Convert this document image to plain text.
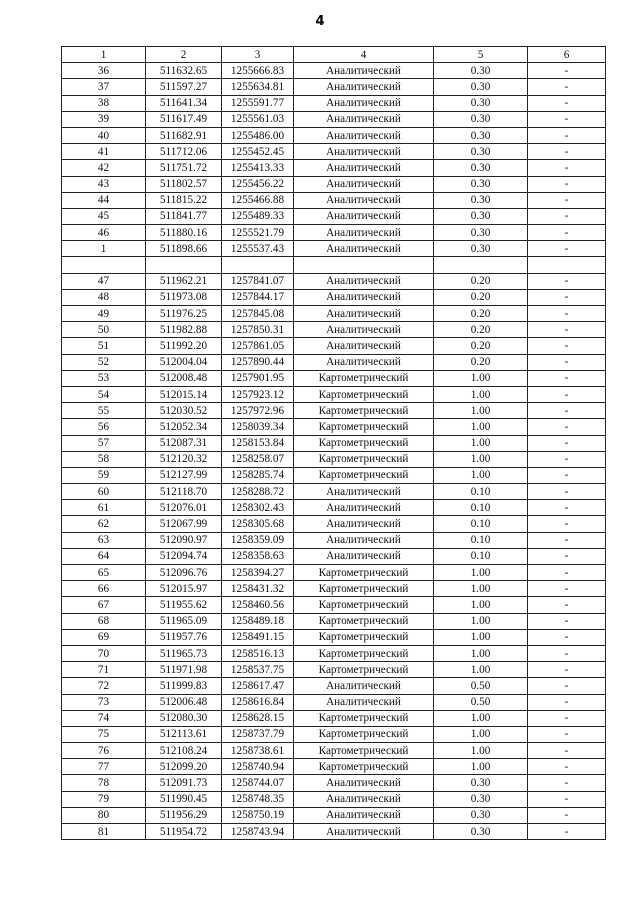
4
1	2	3	4	5	6
36	511632.65	1255666.83	Аналитический	0.30	-
37	511597.27	1255634.81	Аналитический	0.30	-
38	511641.34	1255591.77	Аналитический	0.30	-
39	511617.49	1255561.03	Аналитический	0.30	-
40	511682.91	1255486.00	Аналитический	0.30	-
41	511712.06	1255452.45	Аналитический	0.30	-
42	511751.72	1255413.33	Аналитический	0.30	-
43	511802.57	1255456.22	Аналитический	0.30	-
44	511815.22	1255466.88	Аналитический	0.30	-
45	511841.77	1255489.33	Аналитический	0.30	-
46	511880.16	1255521.79	Аналитический	0.30	-
1	511898.66	1255537.43	Аналитический	0.30	-

47	511962.21	1257841.07	Аналитический	0.20	-
48	511973.08	1257844.17	Аналитический	0.20	-
49	511976.25	1257845.08	Аналитический	0.20	-
50	511982.88	1257850.31	Аналитический	0.20	-
51	511992.20	1257861.05	Аналитический	0.20	-
52	512004.04	1257890.44	Аналитический	0.20	-
53	512008.48	1257901.95	Картометрический	1.00	-
54	512015.14	1257923.12	Картометрический	1.00	-
55	512030.52	1257972.96	Картометрический	1.00	-
56	512052.34	1258039.34	Картометрический	1.00	-
57	512087.31	1258153.84	Картометрический	1.00	-
58	512120.32	1258258.07	Картометрический	1.00	-
59	512127.99	1258285.74	Картометрический	1.00	-
60	512118.70	1258288.72	Аналитический	0.10	-
61	512076.01	1258302.43	Аналитический	0.10	-
62	512067.99	1258305.68	Аналитический	0.10	-
63	512090.97	1258359.09	Аналитический	0.10	-
64	512094.74	1258358.63	Аналитический	0.10	-
65	512096.76	1258394.27	Картометрический	1.00	-
66	512015.97	1258431.32	Картометрический	1.00	-
67	511955.62	1258460.56	Картометрический	1.00	-
68	511965.09	1258489.18	Картометрический	1.00	-
69	511957.76	1258491.15	Картометрический	1.00	-
70	511965.73	1258516.13	Картометрический	1.00	-
71	511971.98	1258537.75	Картометрический	1.00	-
72	511999.83	1258617.47	Аналитический	0.50	-
73	512006.48	1258616.84	Аналитический	0.50	-
74	512080.30	1258628.15	Картометрический	1.00	-
75	512113.61	1258737.79	Картометрический	1.00	-
76	512108.24	1258738.61	Картометрический	1.00	-
77	512099.20	1258740.94	Картометрический	1.00	-
78	512091.73	1258744.07	Аналитический	0.30	-
79	511990.45	1258748.35	Аналитический	0.30	-
80	511956.29	1258750.19	Аналитический	0.30	-
81	511954.72	1258743.94	Аналитический	0.30	-
